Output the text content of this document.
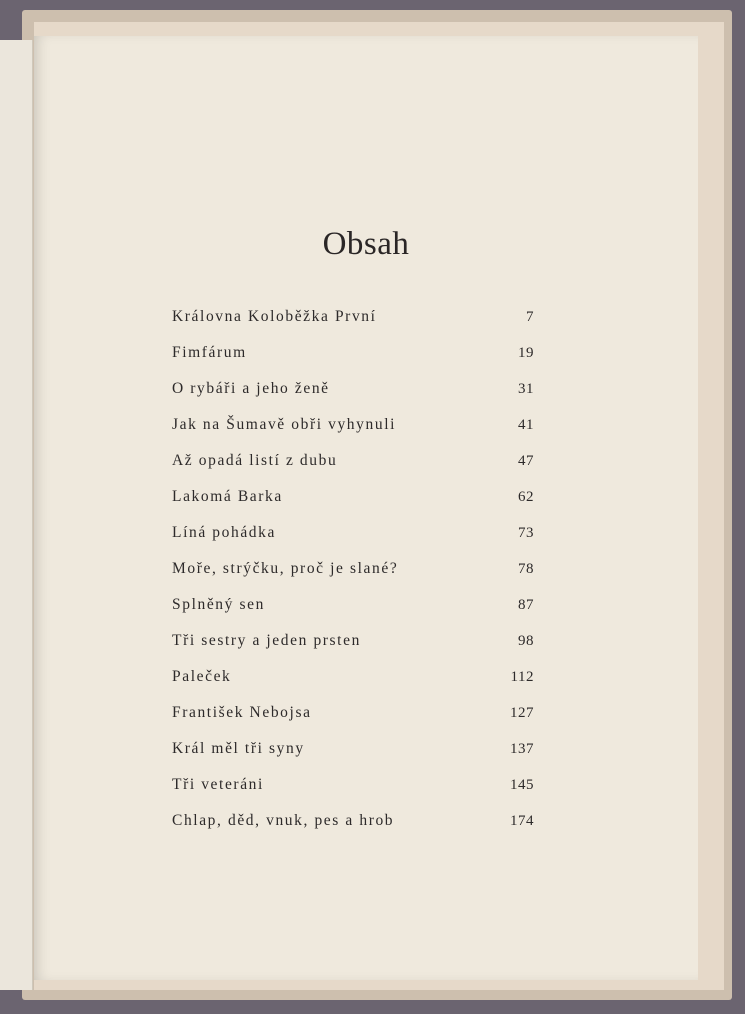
Obsah
Královna Koloběžka První	7
Fimfárum	19
O rybáři a jeho ženě	31
Jak na Šumavě obři vyhynuli	41
Až opadá listí z dubu	47
Lakomá Barka	62
Líná pohádka	73
Moře, strýčku, proč je slané?	78
Splněný sen	87
Tři sestry a jeden prsten	98
Paleček	112
František Nebojsa	127
Král měl tři syny	137
Tři veteráni	145
Chlap, děd, vnuk, pes a hrob	174
